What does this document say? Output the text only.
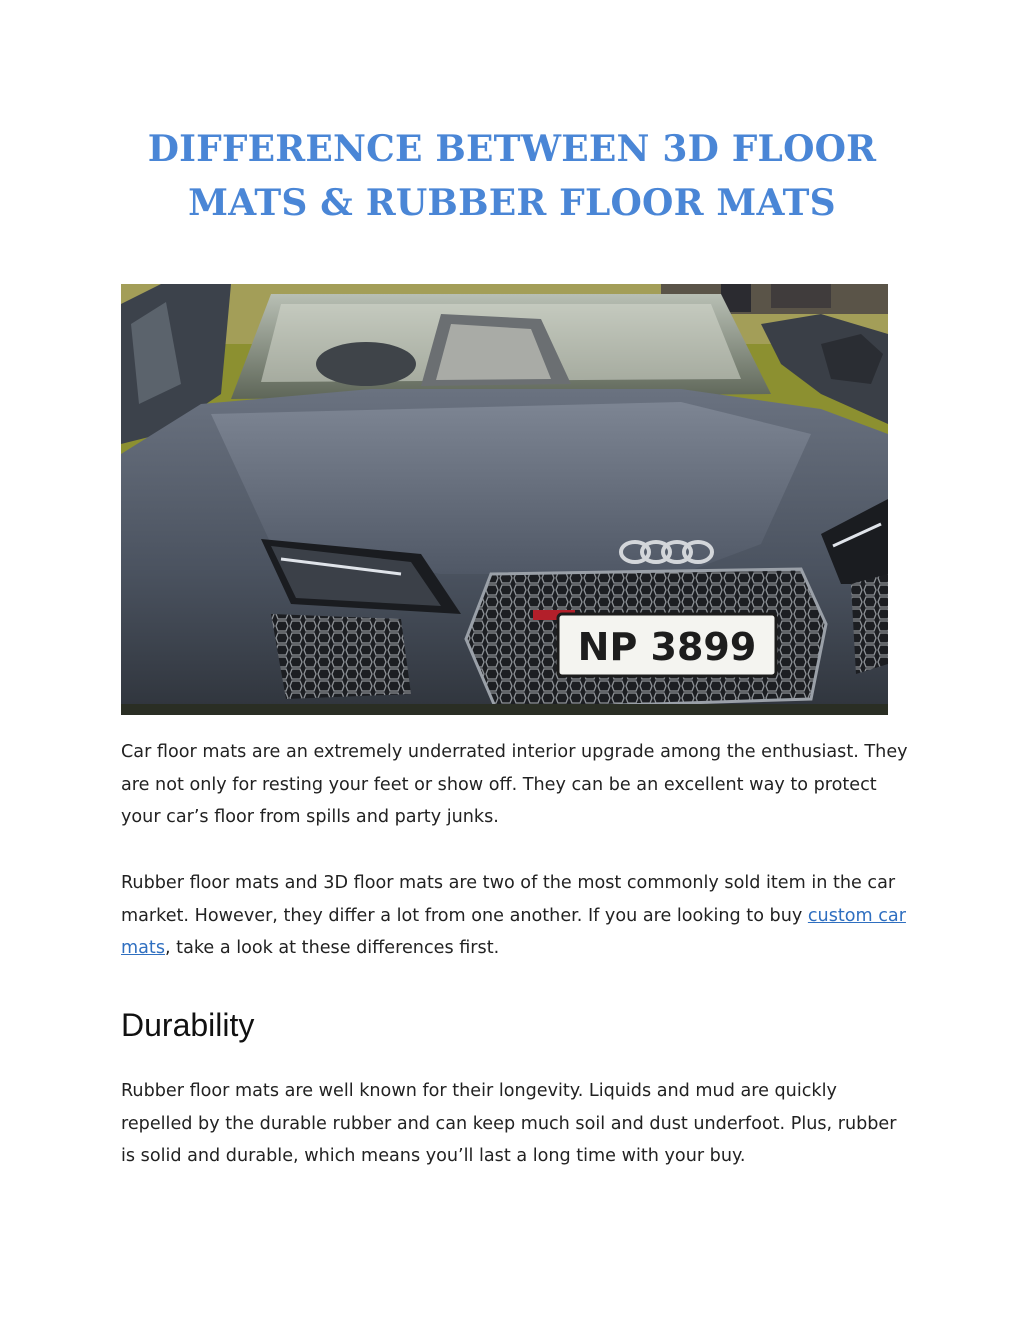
DIFFERENCE BETWEEN 3D FLOOR MATS & RUBBER FLOOR MATS
NP 3899

Car floor mats are an extremely underrated interior upgrade among the enthusiast. They are not only for resting your feet or show off. They can be an excellent way to protect your car’s floor from spills and party junks.

Rubber floor mats and 3D floor mats are two of the most commonly sold item in the car market. However, they differ a lot from one another. If you are looking to buy custom car mats, take a look at these differences first.

Durability

Rubber floor mats are well known for their longevity. Liquids and mud are quickly repelled by the durable rubber and can keep much soil and dust underfoot. Plus, rubber is solid and durable, which means you’ll last a long time with your buy.
